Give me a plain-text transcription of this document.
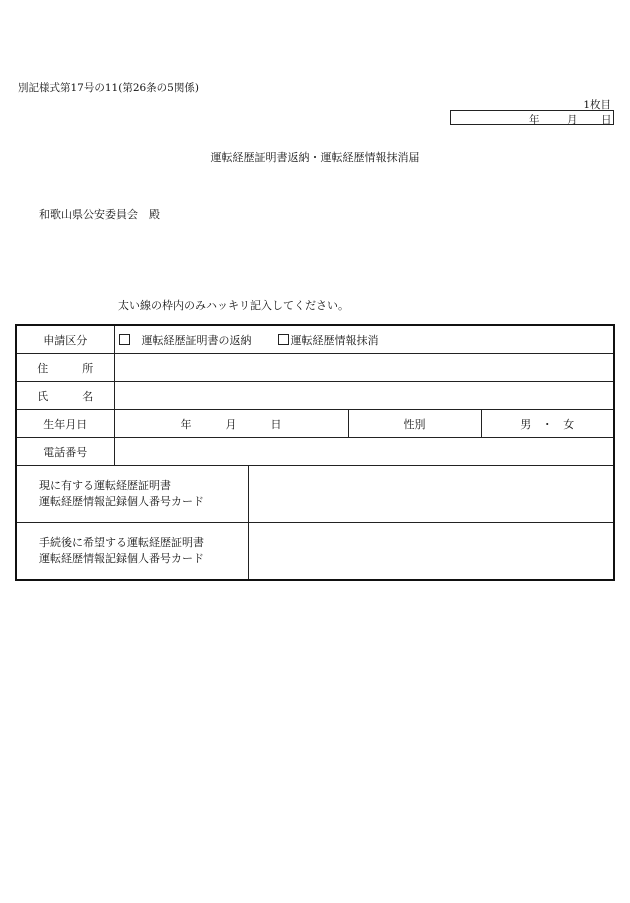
別記様式第17号の11(第26条の5関係)
1枚目
年	月 日
運転経歴証明書返納・運転経歴情報抹消届
和歌山県公安委員会　殿
太い線の枠内のみハッキリ記入してください。
申請区分	運転経歴証明書の返納 運転経歴情報抹消			
住 所				
氏 名				
生年月日	年 月 日		性別	男 ・ 女
電話番号				

現に有する運転経歴証明書
運転経歴情報記録個人番号カード				

手続後に希望する運転経歴証明書
運転経歴情報記録個人番号カード				
